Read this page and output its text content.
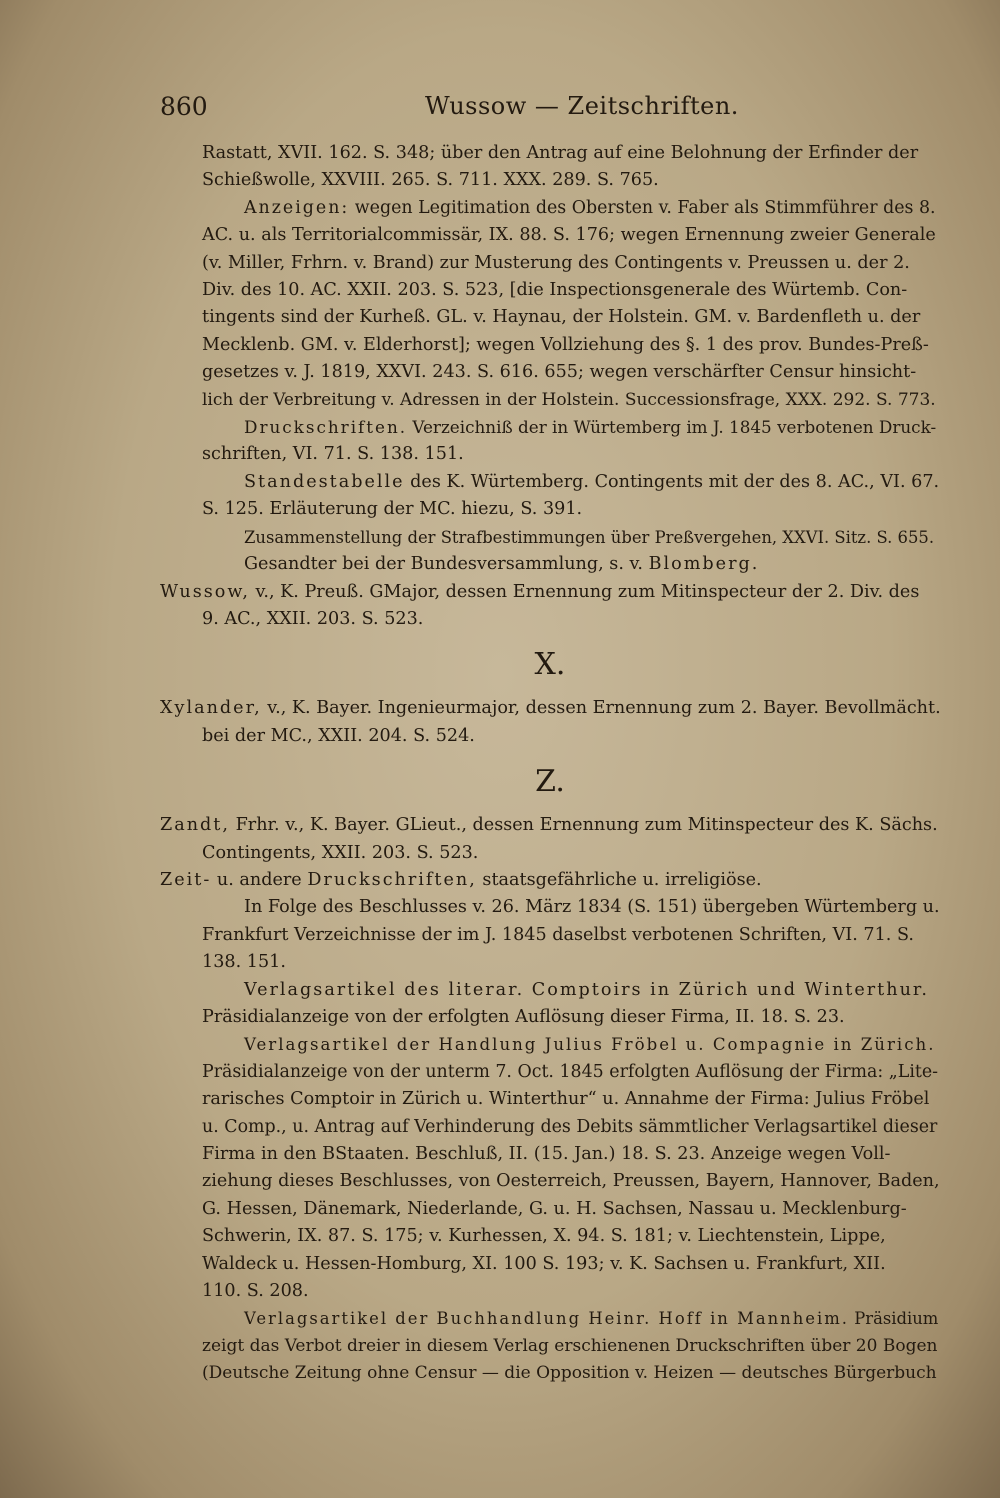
860	Wussow — Zeitschriften.

Rastatt, XVII. 162. S. 348; über den Antrag auf eine Belohnung der Erfinder der

Schießwolle, XXVIII. 265. S. 711. XXX. 289. S. 765.

Anzeigen: wegen Legitimation des Obersten v. Faber als Stimmführer des 8.

AC. u. als Territorialcommissär, IX. 88. S. 176; wegen Ernennung zweier Generale

(v. Miller, Frhrn. v. Brand) zur Musterung des Contingents v. Preussen u. der 2.

Div. des 10. AC. XXII. 203. S. 523, [die Inspectionsgenerale des Würtemb. Con-

tingents sind der Kurheß. GL. v. Haynau, der Holstein. GM. v. Bardenfleth u. der

Mecklenb. GM. v. Elderhorst]; wegen Vollziehung des §. 1 des prov. Bundes-Preß-

gesetzes v. J. 1819, XXVI. 243. S. 616. 655; wegen verschärfter Censur hinsicht-

lich der Verbreitung v. Adressen in der Holstein. Successionsfrage, XXX. 292. S. 773.

Druckschriften. Verzeichniß der in Würtemberg im J. 1845 verbotenen Druck-

schriften, VI. 71. S. 138. 151.

Standestabelle des K. Würtemberg. Contingents mit der des 8. AC., VI. 67.

S. 125. Erläuterung der MC. hiezu, S. 391.

Zusammenstellung der Strafbestimmungen über Preßvergehen, XXVI. Sitz. S. 655.

Gesandter bei der Bundesversammlung, s. v. Blomberg.

Wussow, v., K. Preuß. GMajor, dessen Ernennung zum Mitinspecteur der 2. Div. des

9. AC., XXII. 203. S. 523.

X.

Xylander, v., K. Bayer. Ingenieurmajor, dessen Ernennung zum 2. Bayer. Bevollmächt.

bei der MC., XXII. 204. S. 524.

Z.

Zandt, Frhr. v., K. Bayer. GLieut., dessen Ernennung zum Mitinspecteur des K. Sächs.

Contingents, XXII. 203. S. 523.

Zeit- u. andere Druckschriften, staatsgefährliche u. irreligiöse.

In Folge des Beschlusses v. 26. März 1834 (S. 151) übergeben Würtemberg u.

Frankfurt Verzeichnisse der im J. 1845 daselbst verbotenen Schriften, VI. 71. S.

138. 151.

Verlagsartikel des literar. Comptoirs in Zürich und Winterthur.

Präsidialanzeige von der erfolgten Auflösung dieser Firma, II. 18. S. 23.

Verlagsartikel der Handlung Julius Fröbel u. Compagnie in Zürich.

Präsidialanzeige von der unterm 7. Oct. 1845 erfolgten Auflösung der Firma: „Lite-

rarisches Comptoir in Zürich u. Winterthur“ u. Annahme der Firma: Julius Fröbel

u. Comp., u. Antrag auf Verhinderung des Debits sämmtlicher Verlagsartikel dieser

Firma in den BStaaten. Beschluß, II. (15. Jan.) 18. S. 23. Anzeige wegen Voll-

ziehung dieses Beschlusses, von Oesterreich, Preussen, Bayern, Hannover, Baden,

G. Hessen, Dänemark, Niederlande, G. u. H. Sachsen, Nassau u. Mecklenburg-

Schwerin, IX. 87. S. 175; v. Kurhessen, X. 94. S. 181; v. Liechtenstein, Lippe,

Waldeck u. Hessen-Homburg, XI. 100 S. 193; v. K. Sachsen u. Frankfurt, XII.

110. S. 208.

Verlagsartikel der Buchhandlung Heinr. Hoff in Mannheim. Präsidium

zeigt das Verbot dreier in diesem Verlag erschienenen Druckschriften über 20 Bogen

(Deutsche Zeitung ohne Censur — die Opposition v. Heizen — deutsches Bürgerbuch
